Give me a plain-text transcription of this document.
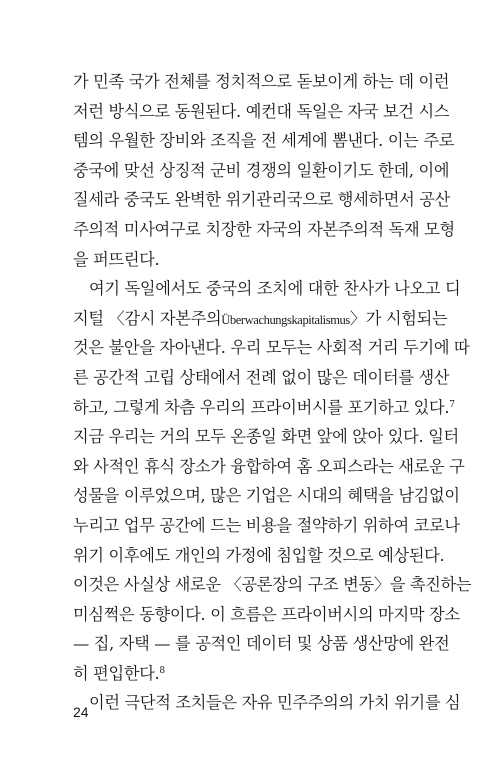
가 민족 국가 전체를 정치적으로 돋보이게 하는 데 이런
저런 방식으로 동원된다. 예컨대 독일은 자국 보건 시스
템의 우월한 장비와 조직을 전 세계에 뽐낸다. 이는 주로
중국에 맞선 상징적 군비 경쟁의 일환이기도 한데, 이에
질세라 중국도 완벽한 위기관리국으로 행세하면서 공산
주의적 미사여구로 치장한 자국의 자본주의적 독재 모형
을 퍼뜨린다.
여기 독일에서도 중국의 조치에 대한 찬사가 나오고 디
지털 〈감시 자본주의Überwachungskapitalismus〉가 시험되는
것은 불안을 자아낸다. 우리 모두는 사회적 거리 두기에 따
른 공간적 고립 상태에서 전례 없이 많은 데이터를 생산
하고, 그렇게 차츰 우리의 프라이버시를 포기하고 있다.$^7$
지금 우리는 거의 모두 온종일 화면 앞에 앉아 있다. 일터
와 사적인 휴식 장소가 융합하여 홈 오피스라는 새로운 구
성물을 이루었으며, 많은 기업은 시대의 혜택을 남김없이
누리고 업무 공간에 드는 비용을 절약하기 위하여 코로나
위기 이후에도 개인의 가정에 침입할 것으로 예상된다.
이것은 사실상 새로운 〈공론장의 구조 변동〉을 촉진하는
미심쩍은 동향이다. 이 흐름은 프라이버시의 마지막 장소
— 집, 자택 — 를 공적인 데이터 및 상품 생산망에 완전
히 편입한다.$^8$
이런 극단적 조치들은 자유 민주주의의 가치 위기를 심
24
